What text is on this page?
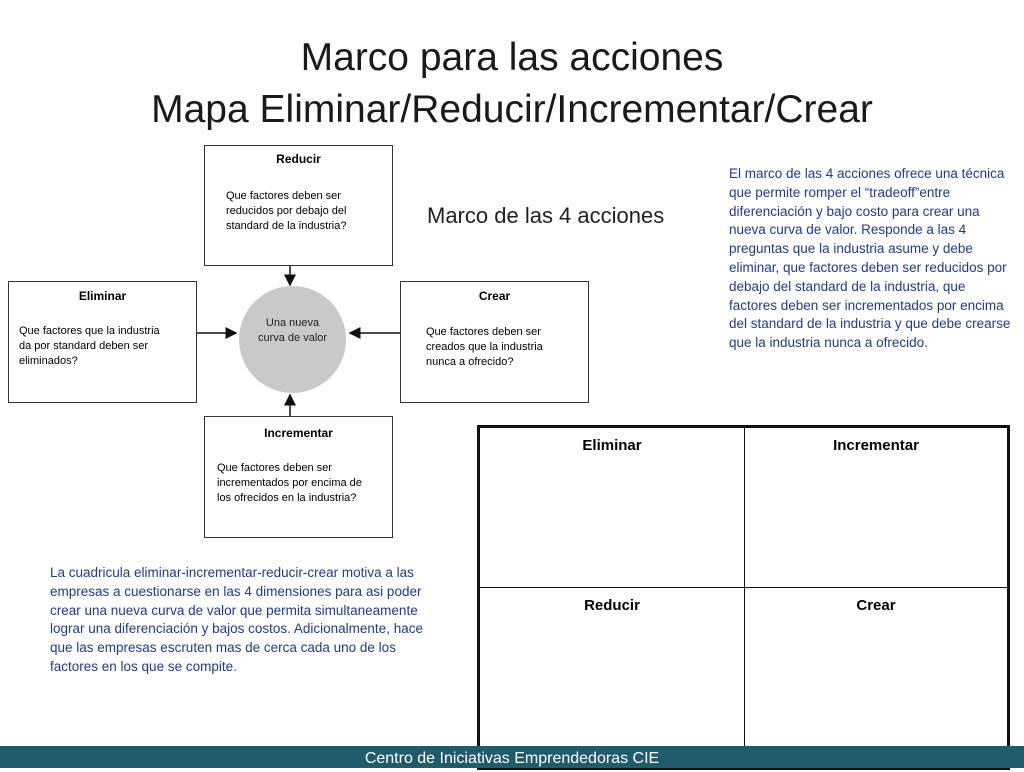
Marco para las acciones
Mapa Eliminar/Reducir/Incrementar/Crear
Reducir
Que factores deben ser reducidos por debajo del standard de la industria?
Eliminar
Que factores que la industria da por standard deben ser eliminados?
Crear
Que factores deben ser creados que la industria nunca a ofrecido?
Incrementar
Que factores deben ser incrementados por encima de los ofrecidos en la industria?
Una nueva curva de valor
Marco de las 4 acciones
El marco de las 4 acciones ofrece una técnica que permite romper el “tradeoff”entre diferenciación y bajo costo para crear una nueva curva de valor. Responde a las 4 preguntas que la industria asume y debe eliminar, que factores deben ser reducidos por debajo del standard de la industria, que factores deben ser incrementados por encima del standard de la industria y que debe crearse que la industria nunca a ofrecido.
La cuadricula eliminar-incrementar-reducir-crear motiva a las empresas a cuestionarse en las 4 dimensiones para asi poder crear una nueva curva de valor que permita simultaneamente lograr una diferenciación y bajos costos. Adicionalmente, hace que las empresas escruten mas de cerca cada uno de los factores en los que se compite.
Eliminar	Incrementar
Reducir	Crear
Centro de Iniciativas Emprendedoras CIE
